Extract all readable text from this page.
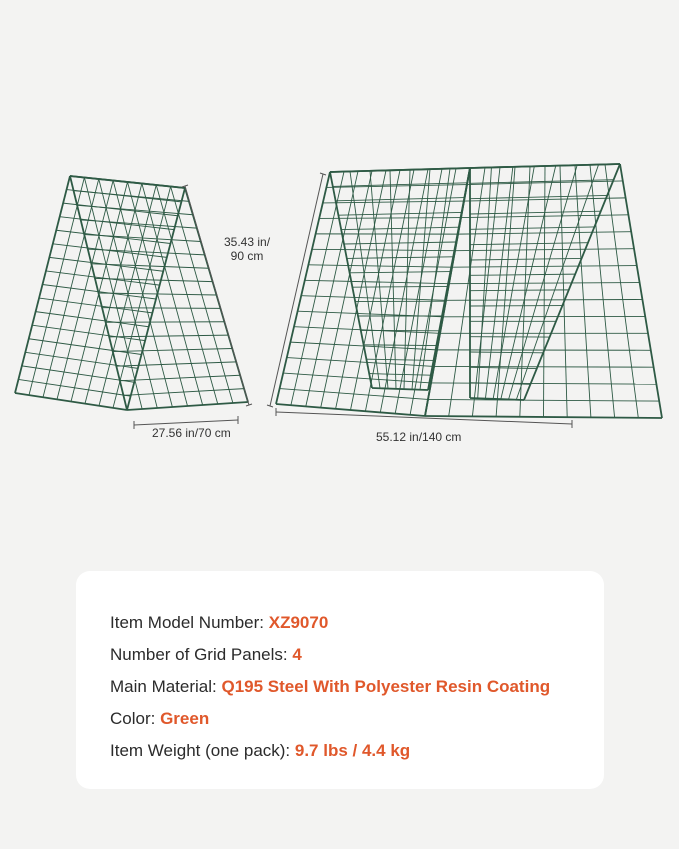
35.43 in/
90 cm
27.56 in/70 cm	55.12 in/140 cm
Item Model Number: XZ9070
Number of Grid Panels: 4
Main Material: Q195 Steel With Polyester Resin Coating
Color: Green
Item Weight (one pack): 9.7 lbs / 4.4 kg
